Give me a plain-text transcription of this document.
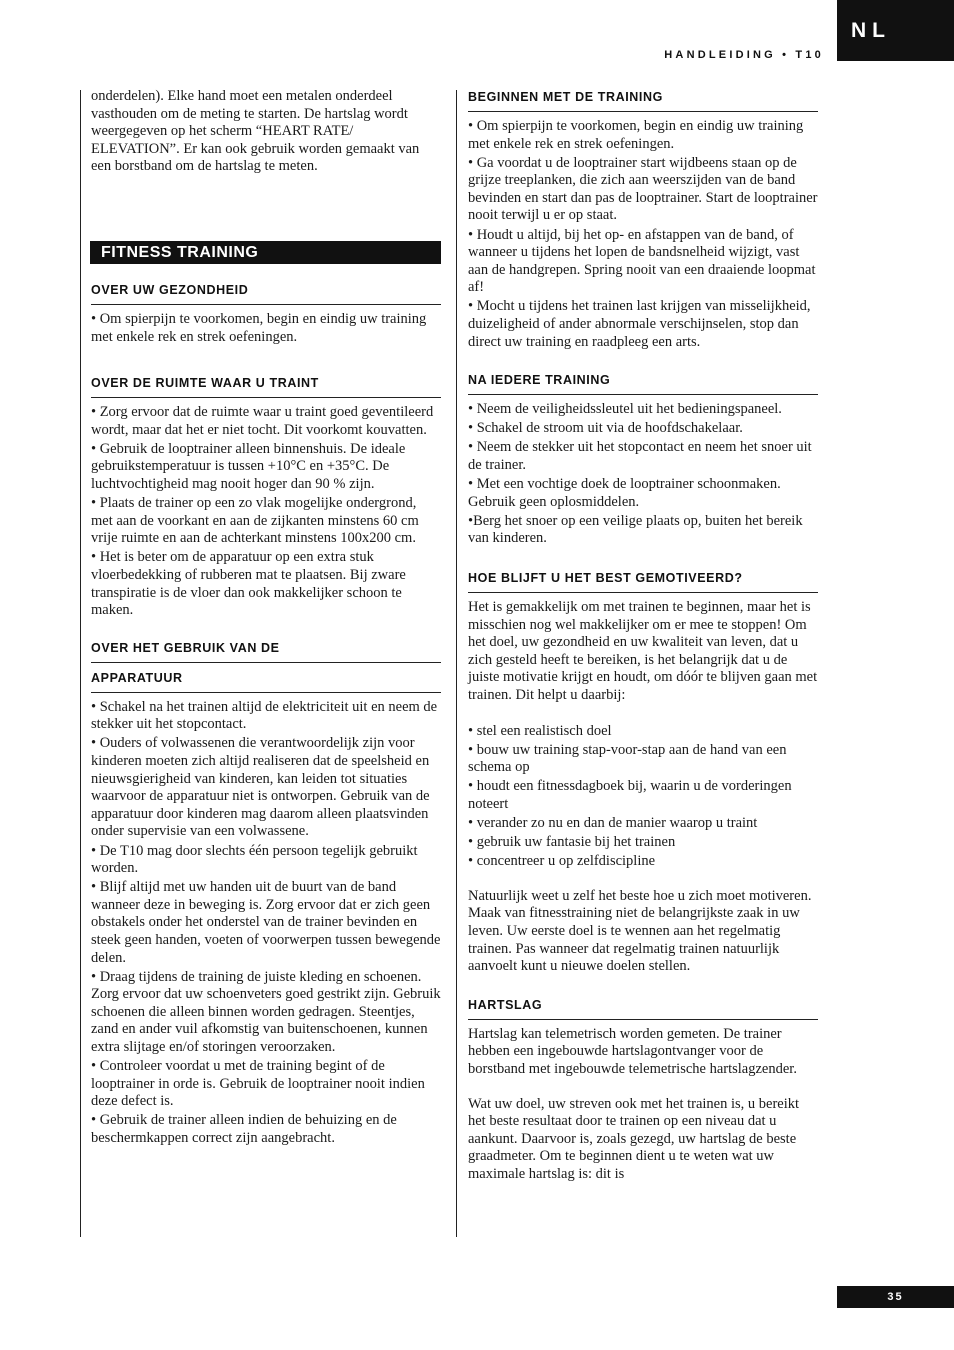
NL
HANDLEIDING • T10

onderdelen). Elke hand moet een metalen onderdeel vasthouden om de meting te starten. De hartslag wordt weergegeven op het scherm “HEART RATE/ ELEVATION”. Er kan ook gebruik worden gemaakt van een borstband om de hartslag te meten.

FITNESS TRAINING
OVER UW GEZONDHEID

• Om spierpijn te voorkomen, begin en eindig uw training met enkele rek en strek oefeningen.

OVER DE RUIMTE WAAR U TRAINT

• Zorg ervoor dat de ruimte waar u traint goed geventileerd wordt, maar dat het er niet tocht. Dit voorkomt kouvatten.

• Gebruik de looptrainer alleen binnenshuis. De ideale gebruikstemperatuur is tussen +10°C en +35°C. De luchtvochtigheid mag nooit hoger dan 90 % zijn.

• Plaats de trainer op een zo vlak mogelijke ondergrond, met aan de voorkant en aan de zijkanten minstens 60 cm vrije ruimte en aan de achterkant minstens 100x200 cm.

• Het is beter om de apparatuur op een extra stuk vloerbedekking of rubberen mat te plaatsen. Bij zware transpiratie is de vloer dan ook makkelijker schoon te maken.

OVER HET GEBRUIK VAN DE
APPARATUUR

• Schakel na het trainen altijd de elektriciteit uit en neem de stekker uit het stopcontact.

• Ouders of volwassenen die verantwoordelijk zijn voor kinderen moeten zich altijd realiseren dat de speelsheid en nieuwsgierigheid van kinderen, kan leiden tot situaties waarvoor de apparatuur niet is ontworpen. Gebruik van de apparatuur door kinderen mag daarom alleen plaatsvinden onder supervisie van een volwassene.

• De T10 mag door slechts één persoon tegelijk gebruikt worden.

• Blijf altijd met uw handen uit de buurt van de band wanneer deze in beweging is. Zorg ervoor dat er zich geen obstakels onder het onderstel van de trainer bevinden en steek geen handen, voeten of voorwerpen tussen bewegende delen.

• Draag tijdens de training de juiste kleding en schoenen. Zorg ervoor dat uw schoenveters goed gestrikt zijn. Gebruik schoenen die alleen binnen worden gedragen. Steentjes, zand en ander vuil afkomstig van buitenschoenen, kunnen extra slijtage en/of storingen veroorzaken.

• Controleer voordat u met de training begint of de looptrainer in orde is. Gebruik de looptrainer nooit indien deze defect is.

• Gebruik de trainer alleen indien de behuizing en de beschermkappen correct zijn aangebracht.

BEGINNEN MET DE TRAINING

• Om spierpijn te voorkomen, begin en eindig uw training met enkele rek en strek oefeningen.

• Ga voordat u de looptrainer start wijdbeens staan op de grijze treeplanken, die zich aan weerszijden van de band bevinden en start dan pas de looptrainer. Start de looptrainer nooit terwijl u er op staat.

• Houdt u altijd, bij het op- en afstappen van de band, of wanneer u tijdens het lopen de bandsnelheid wijzigt, vast aan de handgrepen. Spring nooit van een draaiende loopmat af!

• Mocht u tijdens het trainen last krijgen van misselijkheid, duizeligheid of ander abnormale verschijnselen, stop dan direct uw training en raadpleeg een arts.

NA IEDERE TRAINING

• Neem de veiligheidssleutel uit het bedieningspaneel.

• Schakel de stroom uit via de hoofdschakelaar.

• Neem de stekker uit het stopcontact en neem het snoer uit de trainer.

• Met een vochtige doek de looptrainer schoonmaken. Gebruik geen oplosmiddelen.

•Berg het snoer op een veilige plaats op, buiten het bereik van kinderen.

HOE BLIJFT U HET BEST GEMOTIVEERD?

Het is gemakkelijk om met trainen te beginnen, maar het is misschien nog wel makkelijker om er mee te stoppen! Om het doel, uw gezondheid en uw kwaliteit van leven, dat u zich gesteld heeft te bereiken, is het belangrijk dat u de juiste motivatie krijgt en houdt, om dóór te blijven gaan met trainen. Dit helpt u daarbij:

• stel een realistisch doel

• bouw uw training stap-voor-stap aan de hand van een schema op

• houdt een fitnessdagboek bij, waarin u de vorderingen noteert

• verander zo nu en dan de manier waarop u traint

• gebruik uw fantasie bij het trainen

• concentreer u op zelfdiscipline

Natuurlijk weet u zelf het beste hoe u zich moet motiveren. Maak van fitnesstraining niet de belangrijkste zaak in uw leven. Uw eerste doel is te wennen aan het regelmatig trainen. Pas wanneer dat regelmatig trainen natuurlijk aanvoelt kunt u nieuwe doelen stellen.

HARTSLAG

Hartslag kan telemetrisch worden gemeten. De trainer hebben een ingebouwde hartslagontvanger voor de borstband met ingebouwde telemetrische hartslagzender.

Wat uw doel, uw streven ook met het trainen is, u bereikt het beste resultaat door te trainen op een niveau dat u aankunt. Daarvoor is, zoals gezegd, uw hartslag de beste graadmeter. Om te beginnen dient u te weten wat uw maximale hartslag is: dit is

35
